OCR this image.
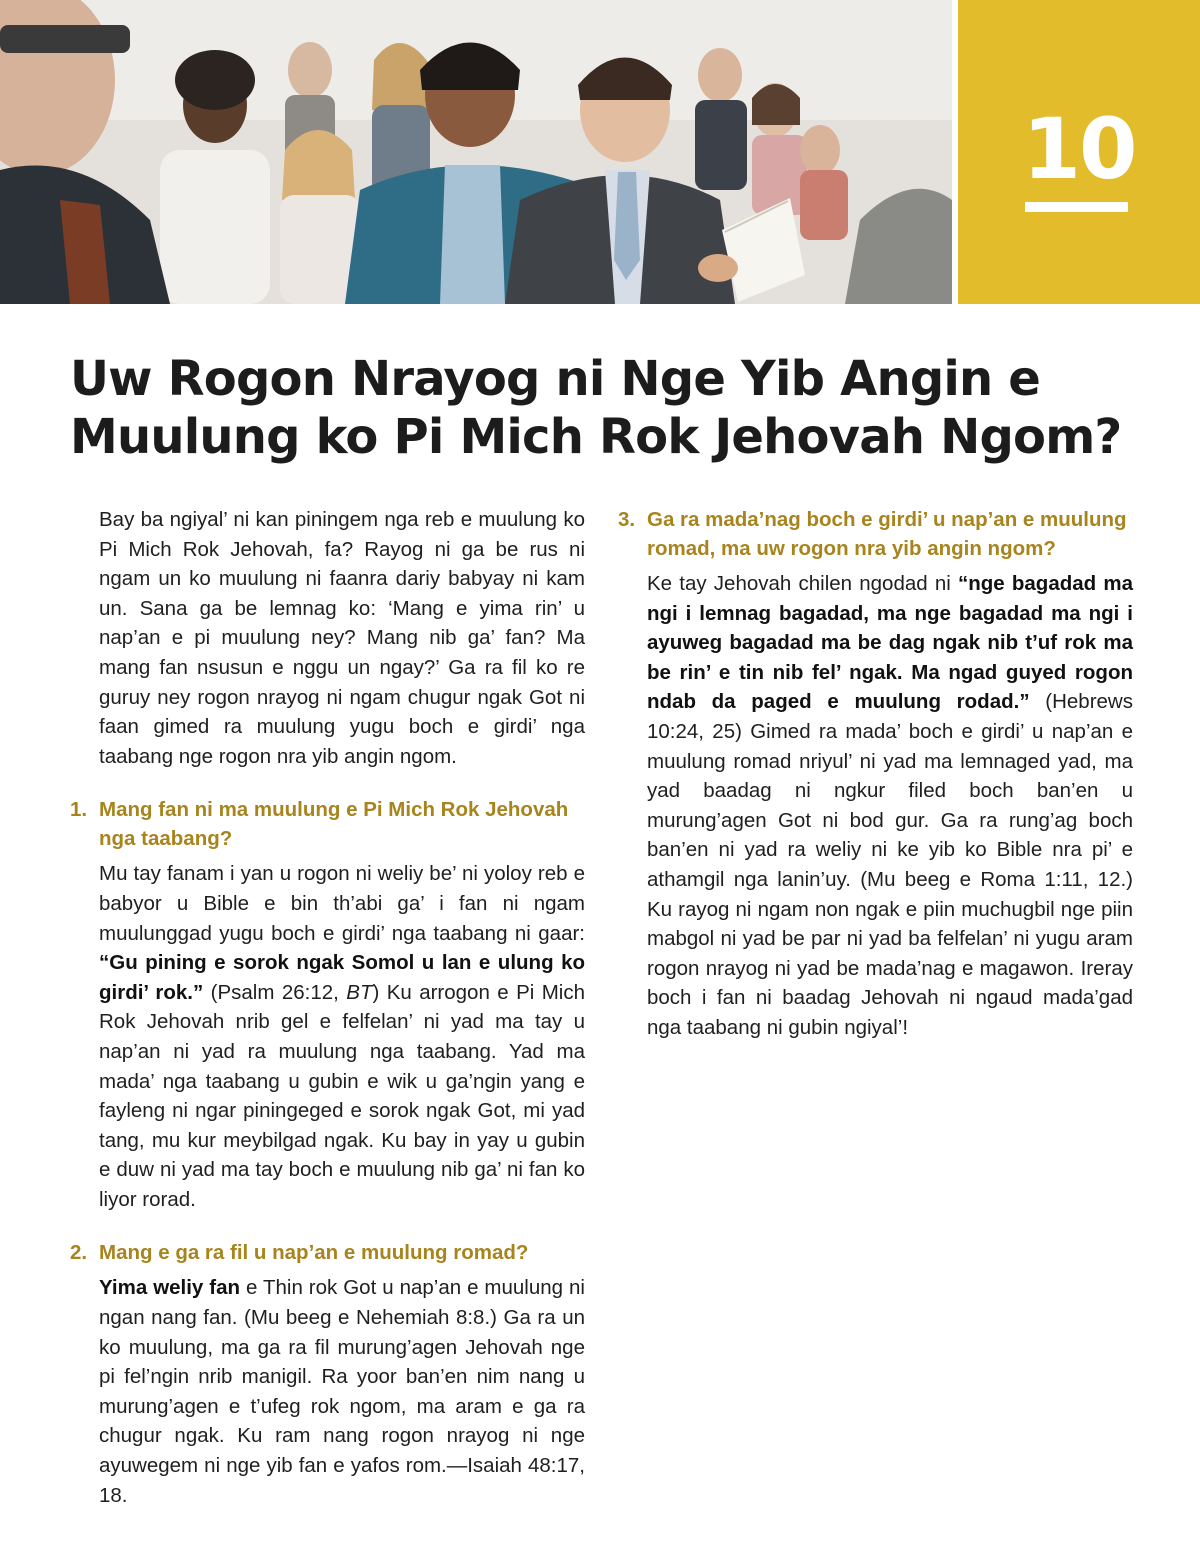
10
Uw Rogon Nrayog ni Nge Yib Angin e
Muulung ko Pi Mich Rok Jehovah Ngom?

Bay ba ngiyal’ ni kan piningem nga reb e muulung ko Pi Mich Rok Jehovah, fa? Rayog ni ga be rus ni ngam un ko muulung ni faanra dariy babyay ni kam un. Sana ga be lemnag ko: ‘Mang e yima rin’ u nap’an e pi muulung ney? Mang nib ga’ fan? Ma mang fan nsusun e nggu un ngay?’ Ga ra fil ko re guruy ney rogon nrayog ni ngam chugur ngak Got ni faan gimed ra muulung yugu boch e girdi’ nga taabang nge rogon nra yib angin ngom.

1. Mang fan ni ma muulung e Pi Mich Rok Jehovah nga taabang?

Mu tay fanam i yan u rogon ni weliy be’ ni yoloy reb e babyor u Bible e bin th’abi ga’ i fan ni ngam muulunggad yugu boch e girdi’ nga taabang ni gaar: “Gu pining e sorok ngak Somol u lan e ulung ko girdi’ rok.” (Psalm 26:12, BT) Ku arrogon e Pi Mich Rok Jehovah nrib gel e felfelan’ ni yad ma tay u nap’an ni yad ra muulung nga taabang. Yad ma mada’ nga taabang u gubin e wik u ga’ngin yang e fayleng ni ngar piningeged e sorok ngak Got, mi yad tang, mu kur meybilgad ngak. Ku bay in yay u gubin e duw ni yad ma tay boch e muulung nib ga’ ni fan ko liyor rorad.

2. Mang e ga ra fil u nap’an e muulung romad?

Yima weliy fan e Thin rok Got u nap’an e muulung ni ngan nang fan. (Mu beeg e Nehemiah 8:8.) Ga ra un ko muulung, ma ga ra fil murung’agen Jehovah nge pi fel’ngin nrib manigil. Ra yoor ban’en nim nang u murung’agen e t’ufeg rok ngom, ma aram e ga ra chugur ngak. Ku ram nang rogon nrayog ni nge ayuwegem ni nge yib fan e yafos rom.—Isaiah 48:17, 18.

3. Ga ra mada’nag boch e girdi’ u nap’an e muulung romad, ma uw rogon nra yib angin ngom?

Ke tay Jehovah chilen ngodad ni “nge bagadad ma ngi i lemnag bagadad, ma nge bagadad ma ngi i ayuweg bagadad ma be dag ngak nib t’uf rok ma be rin’ e tin nib fel’ ngak. Ma ngad guyed rogon ndab da paged e muulung rodad.” (Hebrews 10:24, 25) Gimed ra mada’ boch e girdi’ u nap’an e muulung romad nriyul’ ni yad ma lemnaged yad, ma yad baadag ni ngkur filed boch ban’en u murung’agen Got ni bod gur. Ga ra rung’ag boch ban’en ni yad ra weliy ni ke yib ko Bible nra pi’ e athamgil nga lanin’uy. (Mu beeg e Roma 1:11, 12.) Ku rayog ni ngam non ngak e piin muchugbil nge piin mabgol ni yad be par ni yad ba felfelan’ ni yugu aram rogon nrayog ni yad be mada’nag e magawon. Ireray boch i fan ni baadag Jehovah ni ngaud mada’gad nga taabang ni gubin ngiyal’!
